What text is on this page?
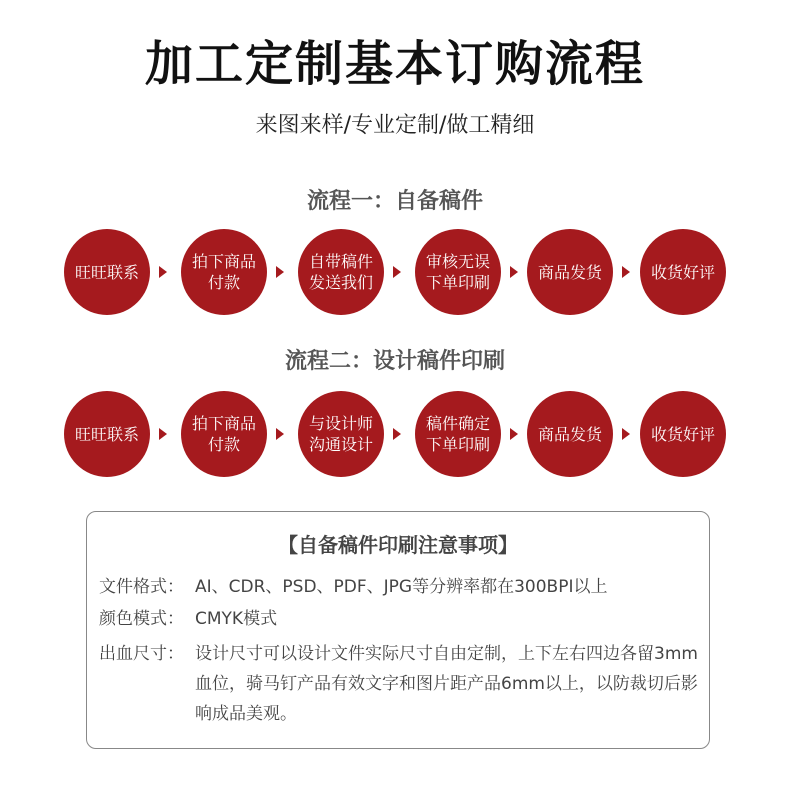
加工定制基本订购流程
来图来样/专业定制/做工精细
流程一：自备稿件
旺旺联系
拍下商品
付款
自带稿件
发送我们
审核无误
下单印刷
商品发货	收货好评
流程二：设计稿件印刷
旺旺联系
拍下商品
付款
与设计师
沟通设计
稿件确定
下单印刷
商品发货	收货好评
【自备稿件印刷注意事项】
文件格式： AI、CDR、PSD、PDF、JPG等分辨率都在300BPI以上
颜色模式： CMYK模式
出血尺寸： 设计尺寸可以设计文件实际尺寸自由定制，上下左右四边各留3mm血位，骑马钉产品有效文字和图片距产品6mm以上，以防裁切后影响成品美观。
